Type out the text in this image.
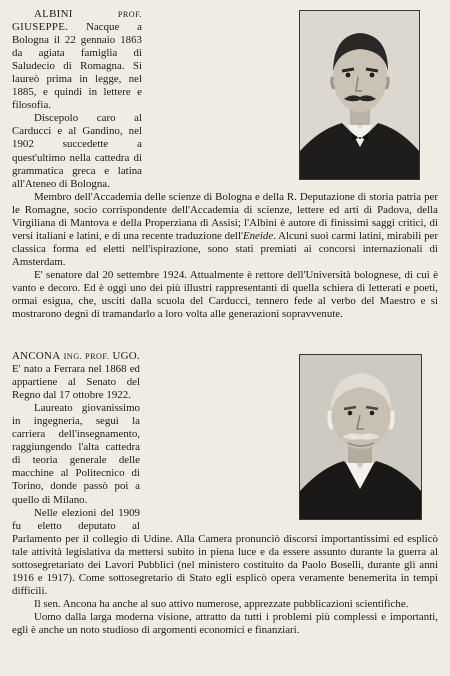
ALBINI	PROF. GIUSEPPE. Nacque a Bologna il 22 gennaio 1863 da agiata famiglia di Saludecio di Romagna. Si laureò prima in legge, nel 1885, e quindi in lettere e filosofia.

Discepolo caro al Carducci e al Gandino, nel 1902 succedette a quest'ultimo nella cattedra di grammatica greca e latina all'Ateneo di Bologna.

Membro dell'Accademia delle scienze di Bologna e della R. Deputazione di storia patria per le Romagne, socio corrispondente dell'Accademia di scienze, lettere ed arti di Padova, della Virgiliana di Mantova e della Properziana di Assisi; l'Albini è autore di finissimi saggi critici, di versi italiani e latini, e di una recente traduzione dell'Eneide. Alcuni suoi carmi latini, mirabili per classica forma ed eletti nell'ispirazione, sono stati premiati ai concorsi internazionali di Amsterdam.

E' senatore dal 20 settembre 1924. Attualmente è rettore dell'Università bolognese, di cui è vanto e decoro. Ed è oggi uno dei più illustri rappresentanti di quella schiera di letterati e poeti, ormai esigua, che, usciti dalla scuola del Carducci, tennero fede al verbo del Maestro e si mostrarono degni di tramandarlo a loro volta alle generazioni sopravvenute.

ANCONA ING. PROF. UGO. E' nato a Ferrara nel 1868 ed appartiene al Senato del Regno dal 17 ottobre 1922.

Laureato giovanissimo in ingegneria, seguì la carriera dell'insegnamento, raggiungendo l'alta cattedra di teoria generale delle macchine al Politecnico di Torino, donde passò poi a quello di Milano.

Nelle elezioni del 1909 fu eletto deputato al Parlamento per il collegio di Udine. Alla Camera pronunciò discorsi importantissimi ed esplicò tale attività legislativa da mettersi subito in piena luce e da essere assunto durante la guerra al sottosegretariato dei Lavori Pubblici (nel ministero costituito da Paolo Boselli, durante gli anni 1916 e 1917). Come sottosegretario di Stato egli esplicò opera veramente benemerita in tempi difficili.

Il sen. Ancona ha anche al suo attivo numerose, apprezzate pubblicazioni scientifiche.

Uomo dalla larga moderna visione, attratto da tutti i problemi più complessi e importanti, egli è anche un noto studioso di argomenti economici e finanziari.
